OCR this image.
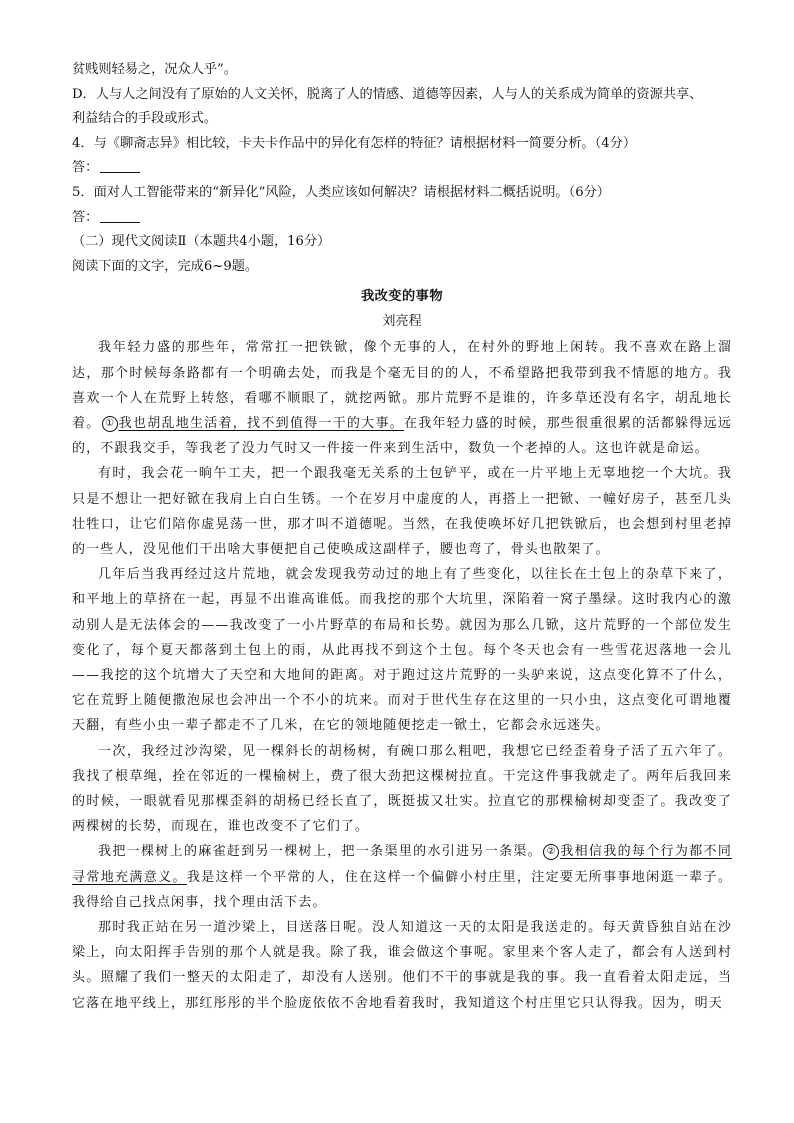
贫贱则轻易之，况众人乎”。

D．人与人之间没有了原始的人文关怀，脱离了人的情感、道德等因素，人与人的关系成为简单的资源共享、

利益结合的手段或形式。

4．与《聊斋志异》相比较，卡夫卡作品中的异化有怎样的特征？请根据材料一简要分析。（4分）

答：

5．面对人工智能带来的“新异化”风险，人类应该如何解决？请根据材料二概括说明。（6分）

答：

（二）现代文阅读Ⅱ（本题共4小题，16分）

阅读下面的文字，完成6~9题。

我改变的事物

刘亮程

我年轻力盛的那些年，常常扛一把铁锨，像个无事的人，在村外的野地上闲转。我不喜欢在路上溜达，那个时候每条路都有一个明确去处，而我是个毫无目的的人，不希望路把我带到我不情愿的地方。我喜欢一个人在荒野上转悠，看哪不顺眼了，就挖两锨。那片荒野不是谁的，许多草还没有名字，胡乱地长着。 ① 我也胡乱地生活着，找不到值得一干的大事。在我年轻力盛的时候，那些很重很累的活都躲得远远的，不跟我交手，等我老了没力气时又一件接一件来到生活中，数负一个老掉的人。这也许就是命运。

有时，我会花一晌午工夫，把一个跟我毫无关系的土包铲平，或在一片平地上无辜地挖一个大坑。我只是不想让一把好锨在我肩上白白生锈。一个在岁月中虚度的人，再搭上一把锨、一幢好房子，甚至几头壮牲口，让它们陪你虚晃荡一世，那才叫不道德呢。当然，在我使唤坏好几把铁锨后，也会想到村里老掉的一些人，没见他们干出啥大事便把自己使唤成这副样子，腰也弯了，骨头也散架了。

几年后当我再经过这片荒地，就会发现我劳动过的地上有了些变化，以往长在土包上的杂草下来了，和平地上的草挤在一起，再显不出谁高谁低。而我挖的那个大坑里，深陷着一窝子墨绿。这时我内心的激动别人是无法体会的——我改变了一小片野草的布局和长势。就因为那么几锨，这片荒野的一个部位发生变化了，每个夏天都落到土包上的雨，从此再找不到这个土包。每个冬天也会有一些雪花迟落地一会儿——我挖的这个坑增大了天空和大地间的距离。对于跑过这片荒野的一头驴来说，这点变化算不了什么，它在荒野上随便撒泡尿也会冲出一个不小的坑来。而对于世代生存在这里的一只小虫，这点变化可谓地覆天翻，有些小虫一辈子都走不了几米，在它的领地随便挖走一锨土，它都会永远迷失。

一次，我经过沙沟梁，见一棵斜长的胡杨树，有碗口那么粗吧，我想它已经歪着身子活了五六年了。我找了根草绳，拴在邻近的一棵榆树上，费了很大劲把这棵树拉直。干完这件事我就走了。两年后我回来的时候，一眼就看见那棵歪斜的胡杨已经长直了，既挺拔又壮实。拉直它的那棵榆树却变歪了。我改变了两棵树的长势，而现在，谁也改变不了它们了。

我把一棵树上的麻雀赶到另一棵树上，把一条渠里的水引进另一条渠。 ② 我相信我的每个行为都不同寻常地充满意义。我是这样一个平常的人，住在这样一个偏僻小村庄里，注定要无所事事地闲逛一辈子。我得给自己找点闲事，找个理由活下去。

那时我正站在另一道沙梁上，目送落日呢。没人知道这一天的太阳是我送走的。每天黄昏独自站在沙梁上，向太阳挥手告别的那个人就是我。除了我，谁会做这个事呢。家里来个客人走了，都会有人送到村头。照耀了我们一整天的太阳走了，却没有人送别。他们不干的事就是我的事。我一直看着太阳走远，当它落在地平线上，那红彤彤的半个脸庞依依不舍地看着我时，我知道这个村庄里它只认得我。因为，明天
